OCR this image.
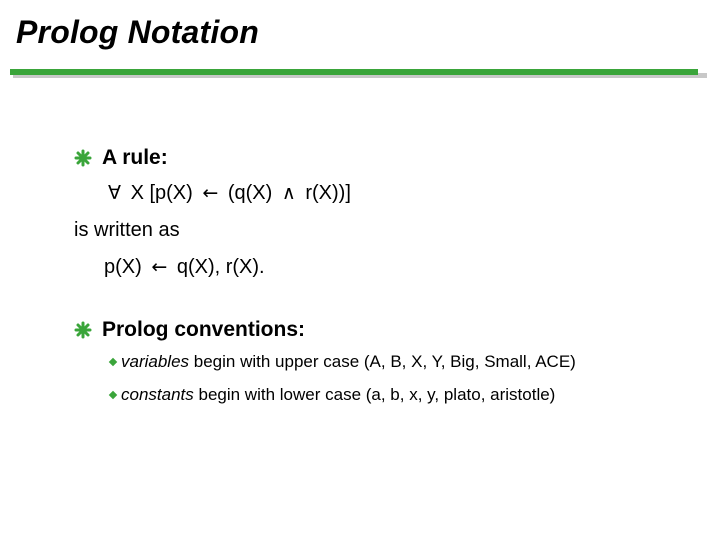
Prolog Notation
A rule:
∀ X [p(X) ← (q(X) ∧ r(X))]
is written as
p(X) ← q(X), r(X).
Prolog conventions:
variables begin with upper case (A, B, X, Y, Big, Small, ACE)
constants begin with lower case (a, b, x, y, plato, aristotle)
